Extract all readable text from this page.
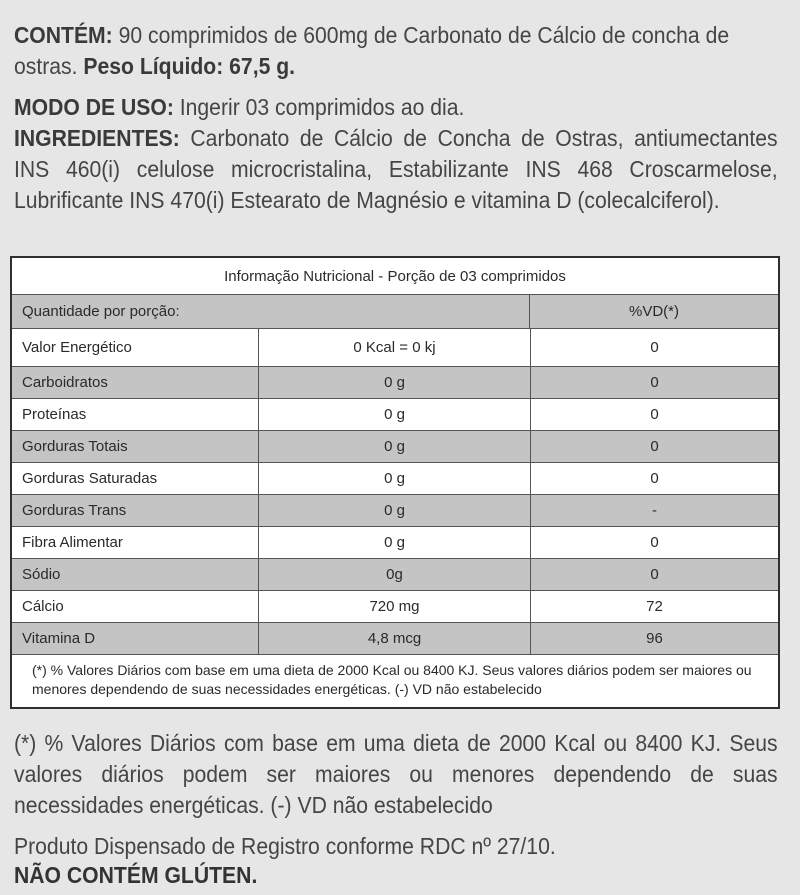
CONTÉM: 90 comprimidos de 600mg de Carbonato de Cálcio de concha de ostras. Peso Líquido: 67,5 g.
MODO DE USO: Ingerir 03 comprimidos ao dia.
INGREDIENTES: Carbonato de Cálcio de Concha de Ostras, antiumectantes INS 460(i) celulose microcristalina, Estabilizante INS 468 Croscarmelose, Lubrificante INS 470(i) Estearato de Magnésio e vitamina D (colecalciferol).
Informação Nutricional - Porção de 03 comprimidos
Quantidade por porção:	%VD(*)
Valor Energético	0 Kcal = 0 kj	0
Carboidratos	0 g	0
Proteínas	0 g	0
Gorduras Totais	0 g	0
Gorduras Saturadas	0 g	0
Gorduras Trans	0 g	-
Fibra Alimentar	0 g	0
Sódio	0g	0
Cálcio	720 mg	72
Vitamina D	4,8 mcg	96
(*) % Valores Diários com base em uma dieta de 2000 Kcal ou 8400 KJ. Seus valores diários podem ser maiores ou menores dependendo de suas necessidades energéticas. (-) VD não estabelecido
(*) % Valores Diários com base em uma dieta de 2000 Kcal ou 8400 KJ. Seus valores diários podem ser maiores ou menores dependendo de suas necessidades energéticas. (-) VD não estabelecido
Produto Dispensado de Registro conforme RDC nº 27/10.
NÃO CONTÉM GLÚTEN.
